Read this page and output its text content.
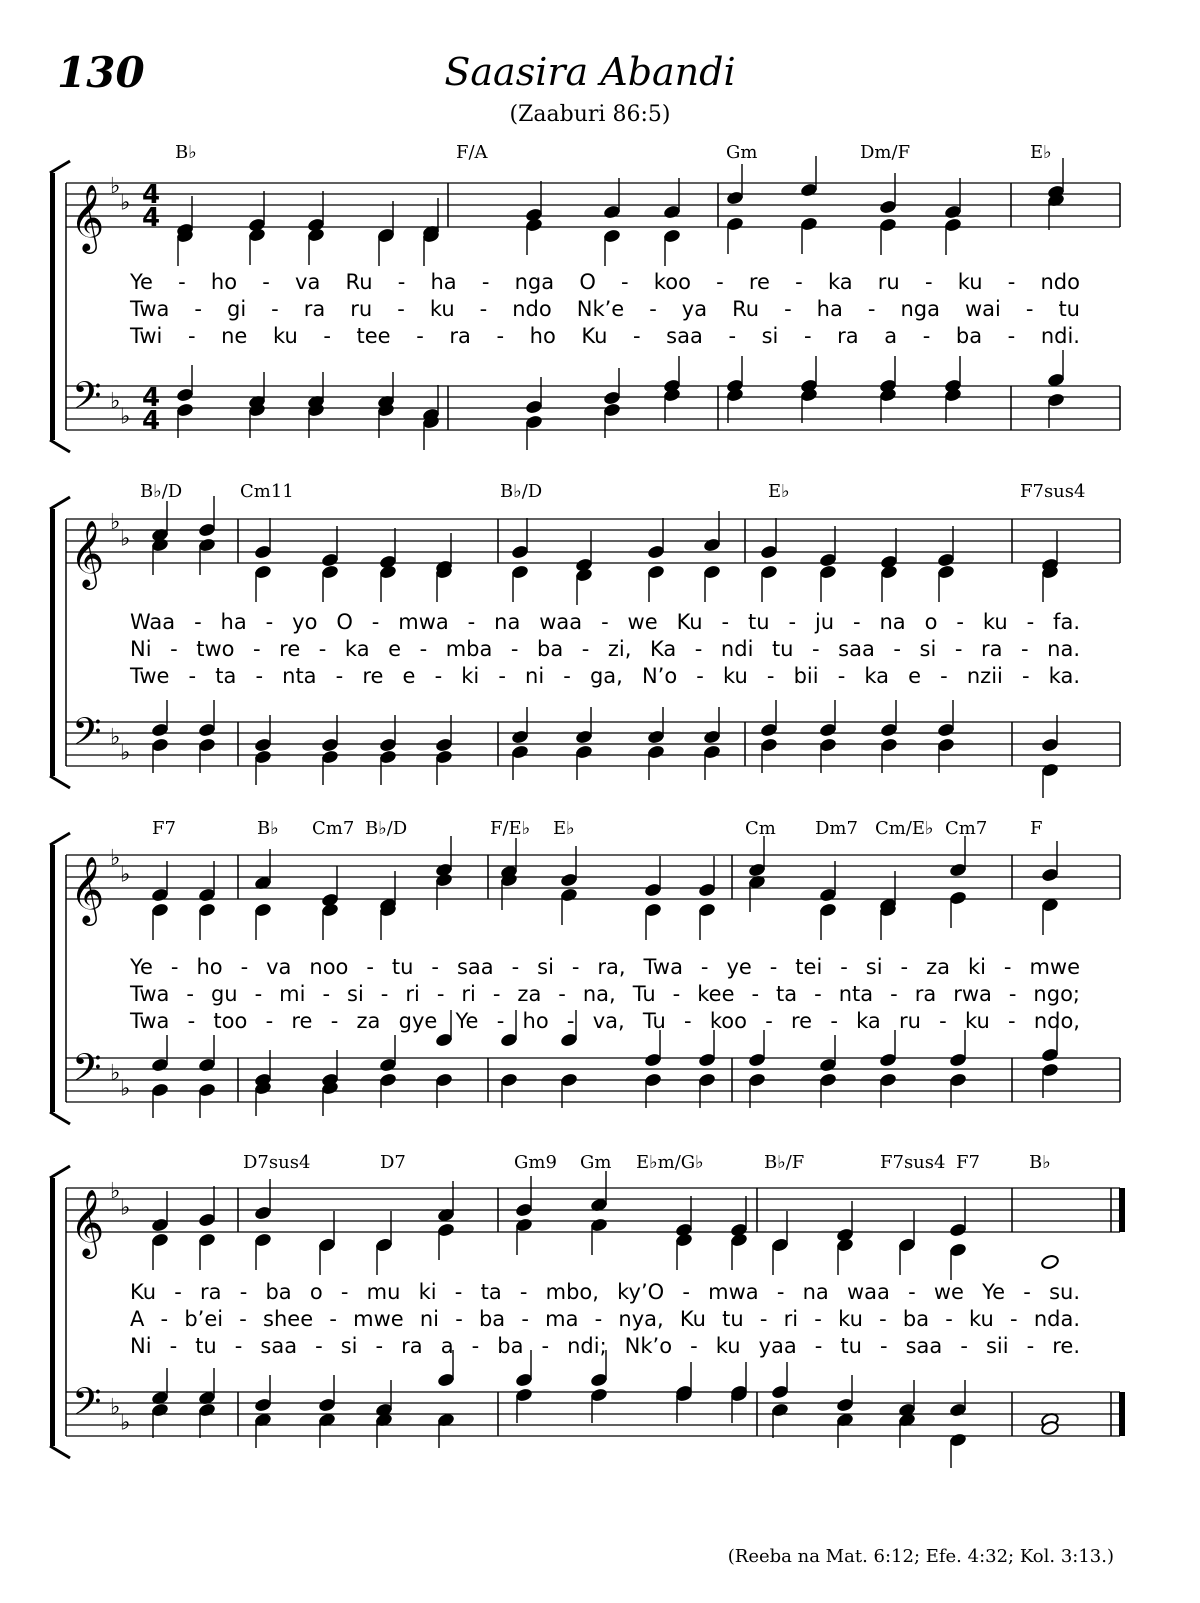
130	Saasira Abandi
(Zaaburi 86:5)
𝄞 ♭
♭
𝄢 ♭
♭
4
4
4
4
𝄞 ♭
♭
𝄢 ♭
♭
𝄞 ♭
♭
𝄢 ♭
♭
𝄞 ♭
♭
𝄢 ♭
♭
B♭	F/A	Gm	Dm/F	E♭
Ye - ho - va Ru - ha - nga O - koo - re - ka ru - ku - ndo
Twa - gi - ra ru - ku - ndo Nk’e - ya Ru - ha - nga wai - tu
Twi - ne ku - tee - ra - ho Ku - saa - si - ra a - ba - ndi.
B♭/D	Cm11	B♭/D	E♭	F7sus4
Waa - ha - yo O - mwa - na waa - we Ku - tu - ju - na o - ku - fa.
Ni - two - re - ka e - mba - ba - zi, Ka - ndi tu - saa - si - ra - na.
Twe - ta - nta - re e - ki - ni - ga, N’o - ku - bii - ka e - nzii - ka.
F7	B♭ Cm7 B♭/D	F/E♭ E♭	Cm Dm7 Cm/E♭ Cm7 F
Ye - ho - va noo - tu - saa - si - ra, Twa - ye - tei - si - za ki - mwe
Twa - gu - mi - si - ri - ri - za - na, Tu - kee - ta - nta - ra rwa - ngo;
Twa - too - re - za gye Ye - ho - va, Tu - koo - re - ka ru - ku - ndo,
D7sus4	D7	Gm9 Gm E♭m/G♭	B♭/F	F7sus4 F7	B♭
Ku - ra - ba o - mu ki - ta - mbo, ky’O - mwa - na waa - we Ye - su.
A - b’ei - shee - mwe ni - ba - ma - nya, Ku tu - ri - ku - ba - ku - nda.
Ni - tu - saa - si - ra a - ba - ndi; Nk’o - ku yaa - tu - saa - sii - re.
(Reeba na Mat. 6:12; Efe. 4:32; Kol. 3:13.)
